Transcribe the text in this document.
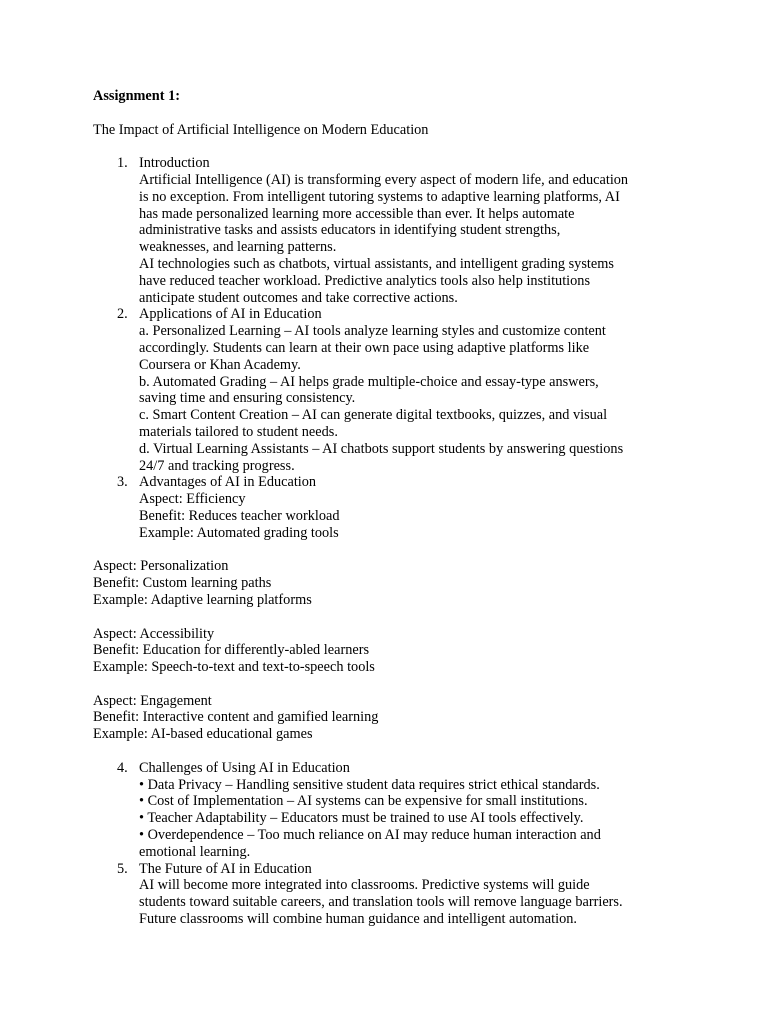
Assignment 1:
The Impact of Artificial Intelligence on Modern Education
1. Introduction
Artificial Intelligence (AI) is transforming every aspect of modern life, and education
is no exception. From intelligent tutoring systems to adaptive learning platforms, AI
has made personalized learning more accessible than ever. It helps automate
administrative tasks and assists educators in identifying student strengths,
weaknesses, and learning patterns.
AI technologies such as chatbots, virtual assistants, and intelligent grading systems
have reduced teacher workload. Predictive analytics tools also help institutions
anticipate student outcomes and take corrective actions.
2. Applications of AI in Education
a. Personalized Learning – AI tools analyze learning styles and customize content
accordingly. Students can learn at their own pace using adaptive platforms like
Coursera or Khan Academy.
b. Automated Grading – AI helps grade multiple-choice and essay-type answers,
saving time and ensuring consistency.
c. Smart Content Creation – AI can generate digital textbooks, quizzes, and visual
materials tailored to student needs.
d. Virtual Learning Assistants – AI chatbots support students by answering questions
24/7 and tracking progress.
3. Advantages of AI in Education
Aspect: Efficiency
Benefit: Reduces teacher workload
Example: Automated grading tools
Aspect: Personalization
Benefit: Custom learning paths
Example: Adaptive learning platforms
Aspect: Accessibility
Benefit: Education for differently-abled learners
Example: Speech-to-text and text-to-speech tools
Aspect: Engagement
Benefit: Interactive content and gamified learning
Example: AI-based educational games
4. Challenges of Using AI in Education
• Data Privacy – Handling sensitive student data requires strict ethical standards.
• Cost of Implementation – AI systems can be expensive for small institutions.
• Teacher Adaptability – Educators must be trained to use AI tools effectively.
• Overdependence – Too much reliance on AI may reduce human interaction and
emotional learning.
5. The Future of AI in Education
AI will become more integrated into classrooms. Predictive systems will guide
students toward suitable careers, and translation tools will remove language barriers.
Future classrooms will combine human guidance and intelligent automation.
